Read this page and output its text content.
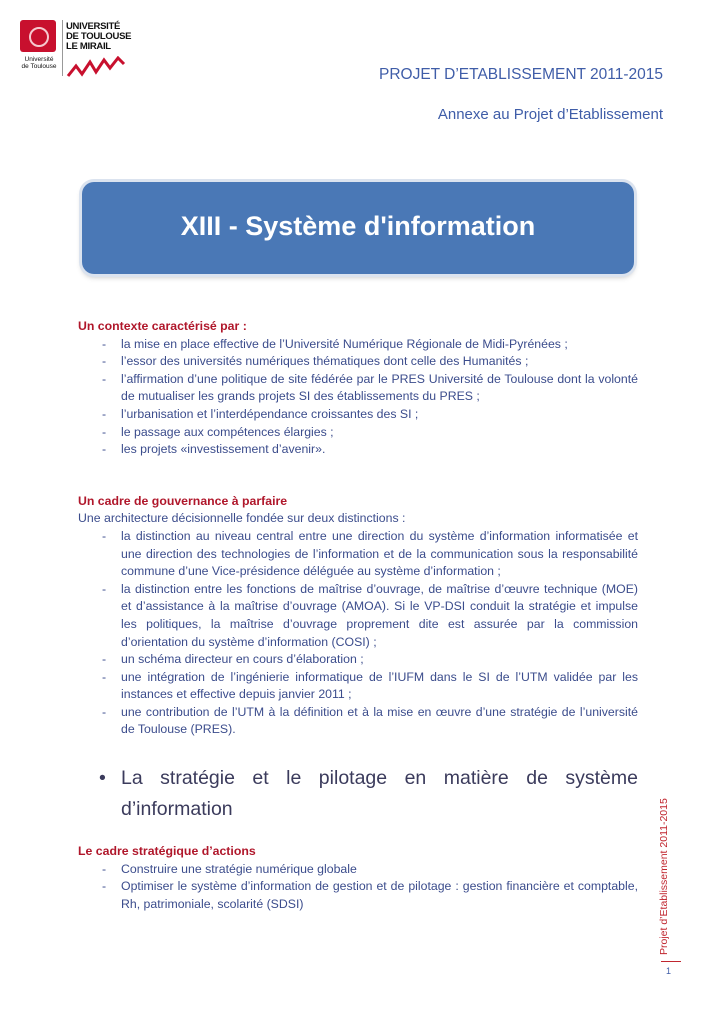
Université
de Toulouse
UNIVERSITÉ
DE TOULOUSE
LE MIRAIL
PROJET D’ETABLISSEMENT 2011-2015
Annexe au Projet d’Etablissement
XIII - Système d'information
Un contexte caractérisé par :
- la mise en place effective de l’Université Numérique Régionale de Midi-Pyrénées ;
- l’essor des universités numériques thématiques dont celle des Humanités ;
- l’affirmation d’une politique de site fédérée par le PRES Université de Toulouse dont la volonté de mutualiser les grands projets SI des établissements du PRES ;
- l’urbanisation et l’interdépendance croissantes des SI ;
- le passage aux compétences élargies ;
- les projets «investissement d’avenir».
Un cadre de gouvernance à parfaire
Une architecture décisionnelle fondée sur deux distinctions :
- la distinction au niveau central entre une direction du système d’information informatisée et une direction des technologies de l’information et de la communication sous la responsabilité commune d’une Vice-présidence déléguée au système d’information ;
- la distinction entre les fonctions de maîtrise d’ouvrage, de maîtrise d’œuvre technique (MOE) et d’assistance à la maîtrise d’ouvrage (AMOA). Si le VP-DSI conduit la stratégie et impulse les politiques, la maîtrise d’ouvrage proprement dite est assurée par la commission d’orientation du système d’information (COSI) ;
- un schéma directeur en cours d’élaboration ;
- une intégration de l’ingénierie informatique de l’IUFM dans le SI de l’UTM validée par les instances et effective depuis janvier 2011 ;
- une contribution de l’UTM à la définition et à la mise en œuvre d’une stratégie de l’université de Toulouse (PRES).
• La stratégie et le pilotage en matière de système d’information
Le cadre stratégique d’actions
- Construire une stratégie numérique globale
- Optimiser le système d’information de gestion et de pilotage : gestion financière et comptable, Rh, patrimoniale, scolarité (SDSI)	Projet d’Etablissement 2011-2015
1
